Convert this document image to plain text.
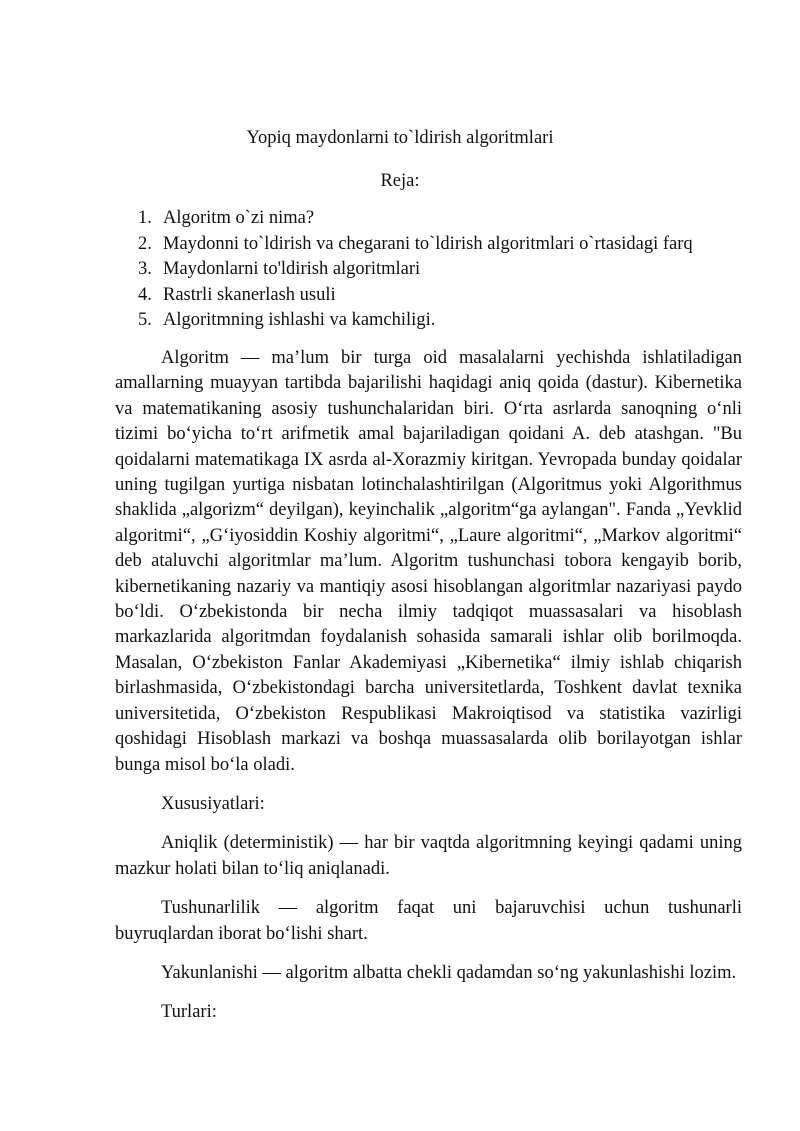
Yopiq maydonlarni to`ldirish algoritmlari
Reja:
1. Algoritm o`zi nima?
2. Maydonni to`ldirish va chegarani to`ldirish algoritmlari o`rtasidagi farq
3. Maydonlarni to'ldirish algoritmlari
4. Rastrli skanerlash usuli
5. Algoritmning ishlashi va kamchiligi.

Algoritm — ma’lum bir turga oid masalalarni yechishda ishlatiladigan amallarning muayyan tartibda bajarilishi haqidagi aniq qoida (dastur). Kibernetika va matematikaning asosiy tushunchalaridan biri. O‘rta asrlarda sanoqning o‘nli tizimi bo‘yicha to‘rt arifmetik amal bajariladigan qoidani A. deb atashgan. "Bu qoidalarni matematikaga IX asrda al-Xorazmiy kiritgan. Yevropada bunday qoidalar uning tugilgan yurtiga nisbatan lotinchalashtirilgan (Algoritmus yoki Algorithmus shaklida „algorizm“ deyilgan), keyinchalik „algoritm“ga aylangan". Fanda „Yevklid algoritmi“, „G‘iyosiddin Koshiy algoritmi“, „Laure algoritmi“, „Markov algoritmi“ deb ataluvchi algoritmlar ma’lum. Algoritm tushunchasi tobora kengayib borib, kibernetikaning nazariy va mantiqiy asosi hisoblangan algoritmlar nazariyasi paydo bo‘ldi. O‘zbekistonda bir necha ilmiy tadqiqot muassasalari va hisoblash markazlarida algoritmdan foydalanish sohasida samarali ishlar olib borilmoqda. Masalan, O‘zbekiston Fanlar Akademiyasi „Kibernetika“ ilmiy ishlab chiqarish birlashmasida, O‘zbekistondagi barcha universitetlarda, Toshkent davlat texnika universitetida, O‘zbekiston Respublikasi Makroiqtisod va statistika vazirligi qoshidagi Hisoblash markazi va boshqa muassasalarda olib borilayotgan ishlar bunga misol bo‘la oladi.

Xususiyatlari:

Aniqlik (deterministik) — har bir vaqtda algoritmning keyingi qadami uning mazkur holati bilan to‘liq aniqlanadi.

Tushunarlilik — algoritm faqat uni bajaruvchisi uchun tushunarli buyruqlardan iborat bo‘lishi shart.

Yakunlanishi — algoritm albatta chekli qadamdan so‘ng yakunlashishi lozim.

Turlari:
